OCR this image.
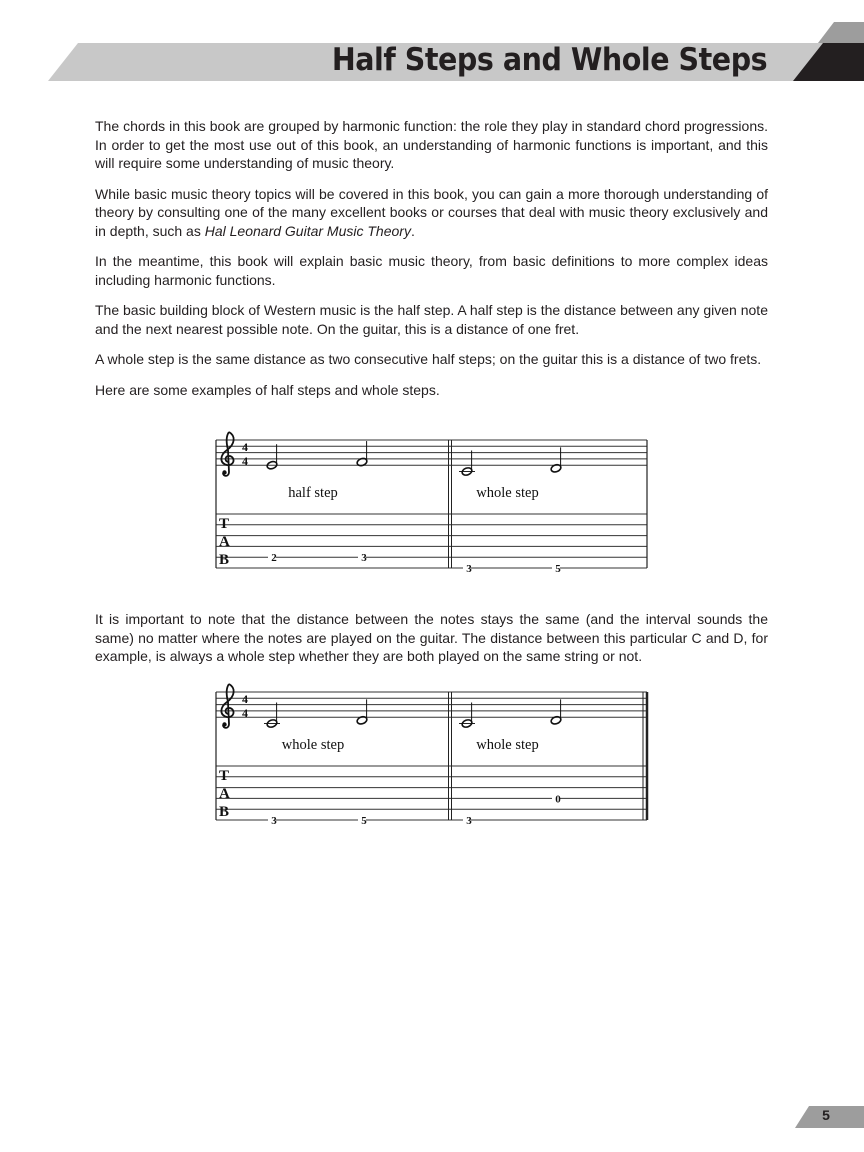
Half Steps and Whole Steps

The chords in this book are grouped by harmonic function: the role they play in standard chord progressions. In order to get the most use out of this book, an understanding of harmonic functions is important, and this will require some understanding of music theory.

While basic music theory topics will be covered in this book, you can gain a more thorough understanding of theory by consulting one of the many excellent books or courses that deal with music theory exclusively and in depth, such as Hal Leonard Guitar Music Theory.

In the meantime, this book will explain basic music theory, from basic definitions to more complex ideas including harmonic functions.

The basic building block of Western music is the half step. A half step is the distance between any given note and the next nearest possible note. On the guitar, this is a distance of one fret.

A whole step is the same distance as two consecutive half steps; on the guitar this is a distance of two frets.

Here are some examples of half steps and whole steps.

4
4
T
A
B
half step
2	3
whole step
3	5

It is important to note that the distance between the notes stays the same (and the interval sounds the same) no matter where the notes are played on the guitar. The distance between this particular C and D, for example, is always a whole step whether they are both played on the same string or not.

4
4
T
A
B
whole step
3	5
whole step
3
0
5
